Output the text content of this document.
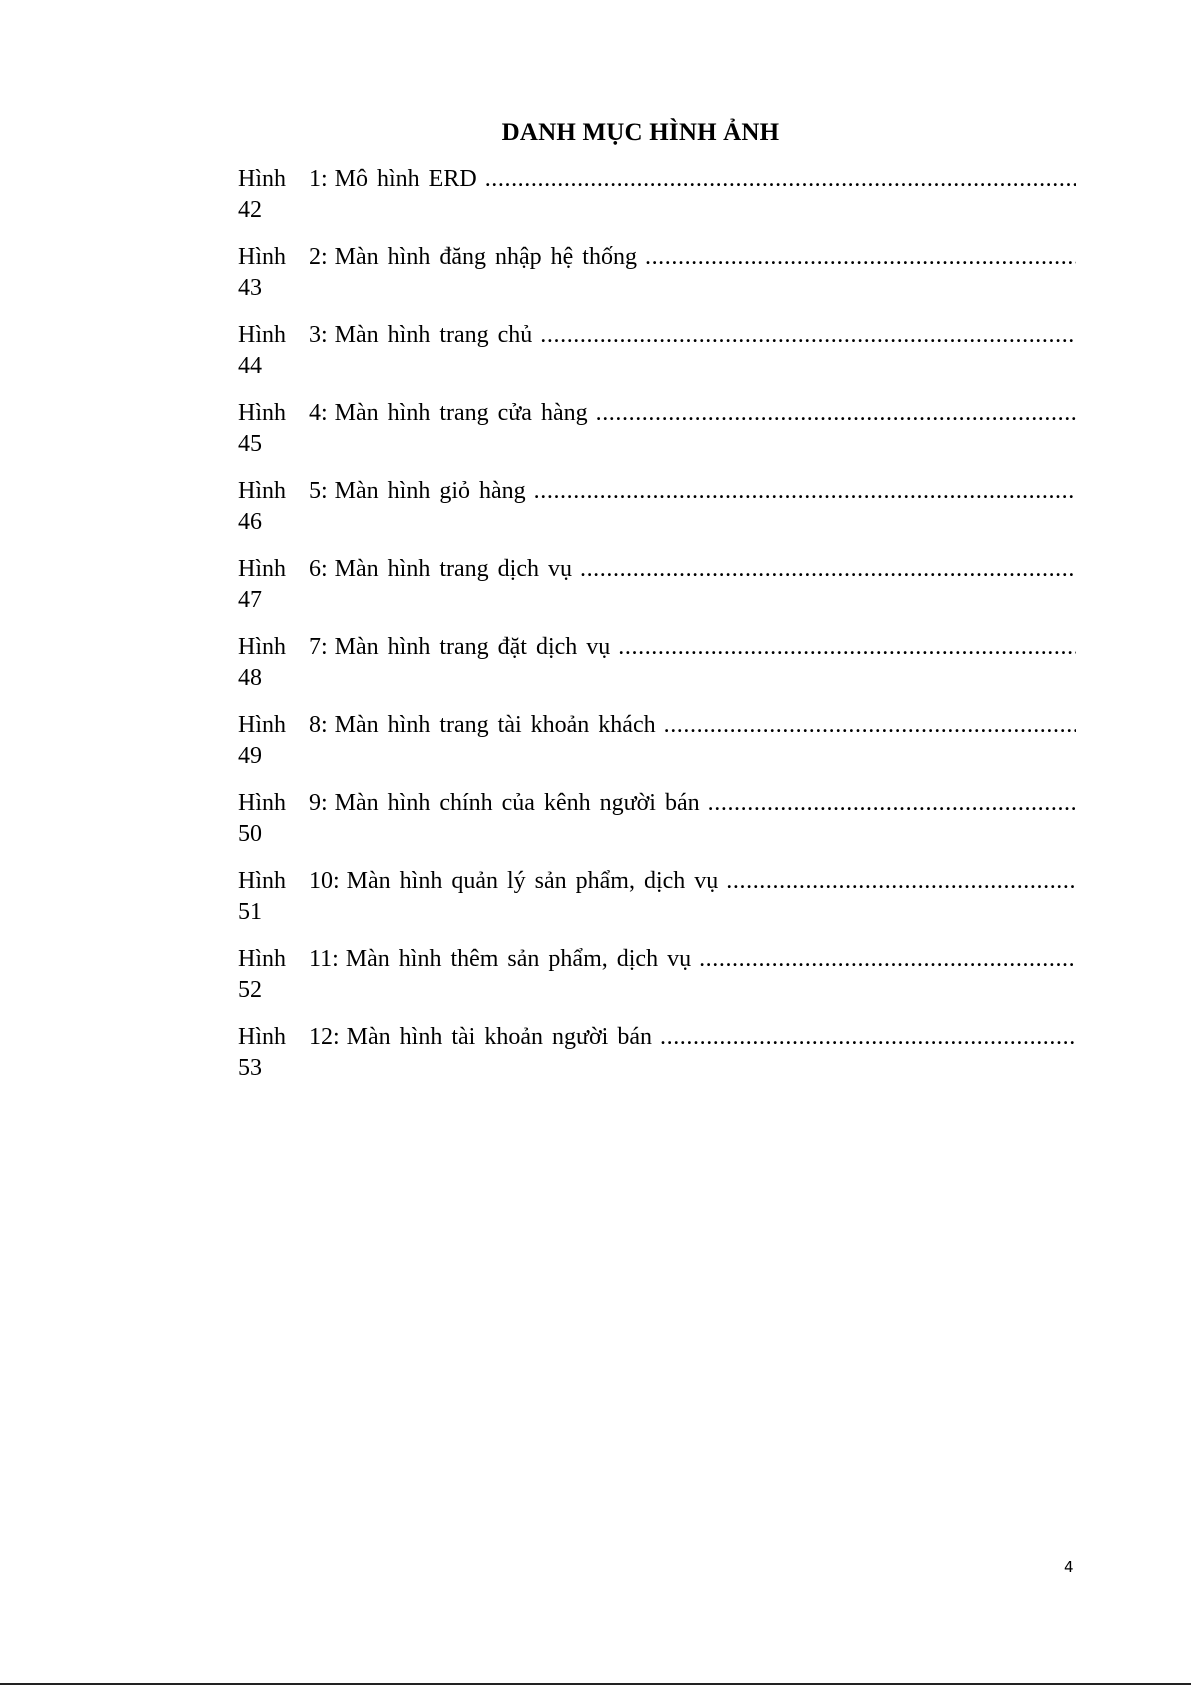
DANH MỤC HÌNH ẢNH
Hình 1: Mô hình ERD
.....
42
Hình 2: Màn hình đăng nhập hệ thống
.....
43
Hình 3: Màn hình trang chủ
.....
44
Hình 4: Màn hình trang cửa hàng
.....
45
Hình 5: Màn hình giỏ hàng
.....
46
Hình 6: Màn hình trang dịch vụ
.....
47
Hình 7: Màn hình trang đặt dịch vụ
.....
48
Hình 8: Màn hình trang tài khoản khách
.....
49
Hình 9: Màn hình chính của kênh người bán
.....
50
Hình 10: Màn hình quản lý sản phẩm, dịch vụ
.....
51
Hình 11: Màn hình thêm sản phẩm, dịch vụ
.....
52
Hình 12: Màn hình tài khoản người bán
.....
53
4
